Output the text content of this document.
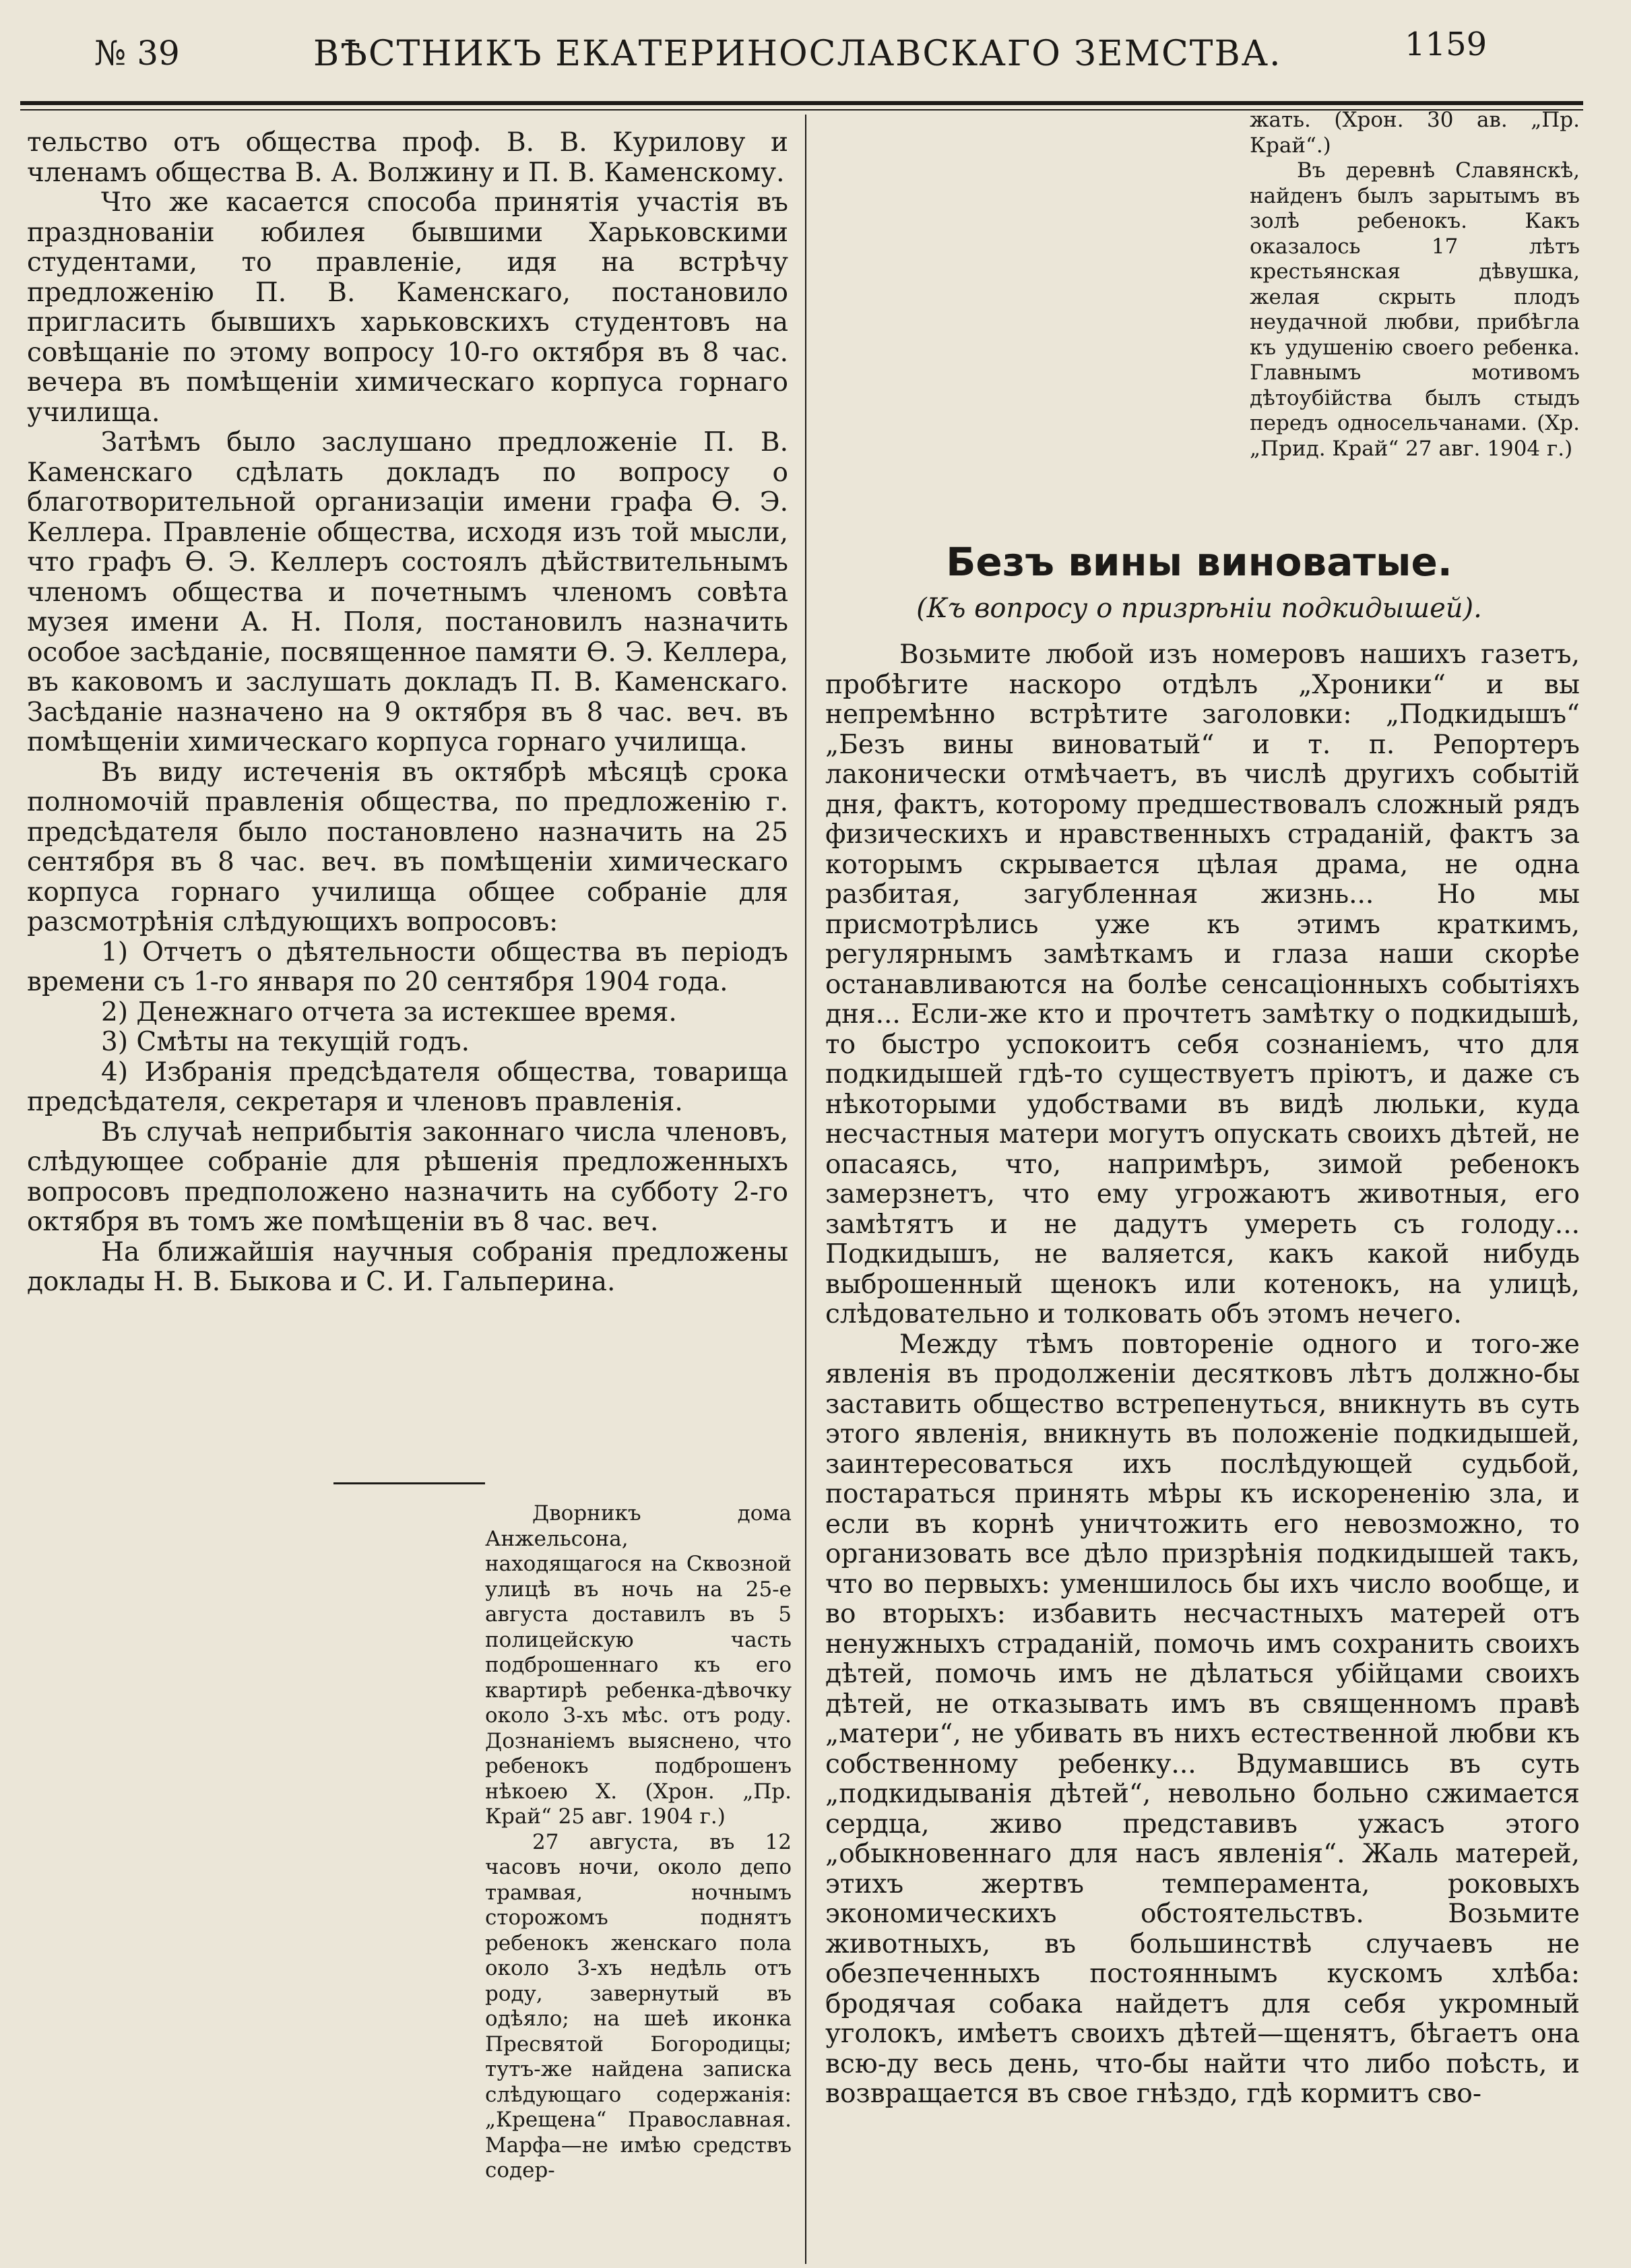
№ 39	ВѢСТНИКЪ ЕКАТЕРИНОСЛАВСКАГО ЗЕМСТВА.	1159

тельство отъ общества проф. В. В. Курилову и членамъ общества В. А. Волжину и П. В. Каменскому.

Что же касается способа принятія участія въ празднованіи юбилея бывшими Харьковскими студентами, то правленіе, идя на встрѣчу предложенію П. В. Каменскаго, постановило пригласить бывшихъ харьковскихъ студентовъ на совѣщаніе по этому вопросу 10-го октября въ 8 час. вечера въ помѣщеніи химическаго корпуса горнаго училища.

Затѣмъ было заслушано предложеніе П. В. Каменскаго сдѣлать докладъ по вопросу о благотворительной организаціи имени графа Ѳ. Э. Келлера. Правленіе общества, исходя изъ той мысли, что графъ Ѳ. Э. Келлеръ состоялъ дѣйствительнымъ членомъ общества и почетнымъ членомъ совѣта музея имени А. Н. Поля, постановилъ назначить особое засѣданіе, посвященное памяти Ѳ. Э. Келлера, въ каковомъ и заслушать докладъ П. В. Каменскаго. Засѣданіе назначено на 9 октября въ 8 час. веч. въ помѣщеніи химическаго корпуса горнаго училища.

Въ виду истеченія въ октябрѣ мѣсяцѣ срока полномочій правленія общества, по предложенію г. предсѣдателя было постановлено назначить на 25 сентября въ 8 час. веч. въ помѣщеніи химическаго корпуса горнаго училища общее собраніе для разсмотрѣнія слѣдующихъ вопросовъ:

1) Отчетъ о дѣятельности общества въ періодъ времени съ 1-го января по 20 сентября 1904 года.

2) Денежнаго отчета за истекшее время.

3) Смѣты на текущій годъ.

4) Избранія предсѣдателя общества, товарища предсѣдателя, секретаря и членовъ правленія.

Въ случаѣ неприбытія законнаго числа членовъ, слѣдующее собраніе для рѣшенія предложенныхъ вопросовъ предположено назначить на субботу 2-го октября въ томъ же помѣщеніи въ 8 час. веч.

На ближайшія научныя собранія предложены доклады Н. В. Быкова и С. И. Гальперина.

Дворникъ дома Анжельсона, находящагося на Сквозной улицѣ въ ночь на 25-е августа доставилъ въ 5 полицейскую часть подброшеннаго къ его квартирѣ ребенка-дѣвочку около 3-хъ мѣс. отъ роду. Дознаніемъ выяснено, что ребенокъ подброшенъ нѣкоею Х. (Хрон. „Пр. Край“ 25 авг. 1904 г.)

27 августа, въ 12 часовъ ночи, около депо трамвая, ночнымъ сторожомъ поднятъ ребенокъ женскаго пола около 3-хъ недѣль отъ роду, завернутый въ одѣяло; на шеѣ иконка Пресвятой Богородицы; тутъ-же найдена записка слѣдующаго содержанія: „Крещена“ Православная. Марфа—не имѣю средствъ содер-

жать. (Хрон. 30 ав. „Пр. Край“.)

Въ деревнѣ Славянскѣ, найденъ былъ зарытымъ въ золѣ ребенокъ. Какъ оказалось 17 лѣтъ крестьянская дѣвушка, желая скрыть плодъ неудачной любви, прибѣгла къ удушенію своего ребенка. Главнымъ мотивомъ дѣтоубійства былъ стыдъ передъ односельчанами. (Хр. „Прид. Край“ 27 авг. 1904 г.)

Безъ вины виноватые.
(Къ вопросу о призрѣніи подкидышей).

Возьмите любой изъ номеровъ нашихъ газетъ, пробѣгите наскоро отдѣлъ „Хроники“ и вы непремѣнно встрѣтите заголовки: „Подкидышъ“ „Безъ вины виноватый“ и т. п. Репортеръ лаконически отмѣчаетъ, въ числѣ другихъ событій дня, фактъ, которому предшествовалъ сложный рядъ физическихъ и нравственныхъ страданій, фактъ за которымъ скрывается цѣлая драма, не одна разбитая, загубленная жизнь... Но мы присмотрѣлись уже къ этимъ краткимъ, регулярнымъ замѣткамъ и глаза наши скорѣе останавливаются на болѣе сенсаціонныхъ событіяхъ дня... Если-же кто и прочтетъ замѣтку о подкидышѣ, то быстро успокоитъ себя сознаніемъ, что для подкидышей гдѣ-то существуетъ пріютъ, и даже съ нѣкоторыми удобствами въ видѣ люльки, куда несчастныя матери могутъ опускать своихъ дѣтей, не опасаясь, что, напримѣръ, зимой ребенокъ замерзнетъ, что ему угрожаютъ животныя, его замѣтятъ и не дадутъ умереть съ голоду... Подкидышъ, не валяется, какъ какой нибудь выброшенный щенокъ или котенокъ, на улицѣ, слѣдовательно и толковать объ этомъ нечего.

Между тѣмъ повтореніе одного и того-же явленія въ продолженіи десятковъ лѣтъ должно-бы заставить общество встрепенуться, вникнуть въ суть этого явленія, вникнуть въ положеніе подкидышей, заинтересоваться ихъ послѣдующей судьбой, постараться принять мѣры къ искорененію зла, и если въ корнѣ уничтожить его невозможно, то организовать все дѣло призрѣнія подкидышей такъ, что во первыхъ: уменшилось бы ихъ число вообще, и во вторыхъ: избавить несчастныхъ матерей отъ ненужныхъ страданій, помочь имъ сохранить своихъ дѣтей, помочь имъ не дѣлаться убійцами своихъ дѣтей, не отказывать имъ въ священномъ правѣ „матери“, не убивать въ нихъ естественной любви къ собственному ребенку... Вдумавшись въ суть „подкидыванія дѣтей“, невольно больно сжимается сердца, живо представивъ ужасъ этого „обыкновеннаго для насъ явленія“. Жаль матерей, этихъ жертвъ темперамента, роковыхъ экономическихъ обстоятельствъ. Возьмите животныхъ, въ большинствѣ случаевъ не обезпеченныхъ постояннымъ кускомъ хлѣба: бродячая собака найдетъ для себя укромный уголокъ, имѣетъ своихъ дѣтей—щенятъ, бѣгаетъ она всю-ду весь день, что-бы найти что либо поѣсть, и возвращается въ свое гнѣздо, гдѣ кормитъ сво-
